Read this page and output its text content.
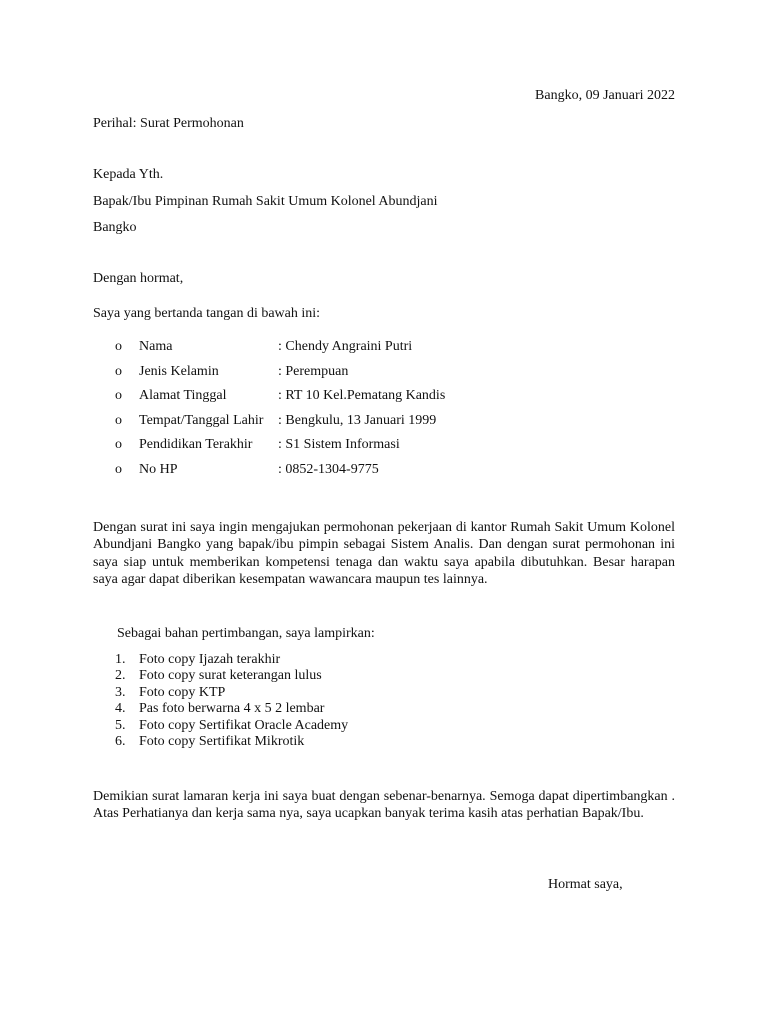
Bangko, 09 Januari 2022
Perihal: Surat Permohonan
Kepada Yth.
Bapak/Ibu Pimpinan Rumah Sakit Umum Kolonel Abundjani
Bangko
Dengan hormat,
Saya yang bertanda tangan di bawah ini:
o	Nama	: Chendy Angraini Putri
o	Jenis Kelamin	: Perempuan
o	Alamat Tinggal	: RT 10 Kel.Pematang Kandis
o	Tempat/Tanggal Lahir	: Bengkulu, 13 Januari 1999
o	Pendidikan Terakhir	: S1 Sistem Informasi
o	No HP	: 0852-1304-9775
Dengan surat ini saya ingin mengajukan permohonan pekerjaan di kantor Rumah Sakit Umum Kolonel Abundjani Bangko yang bapak/ibu pimpin sebagai Sistem Analis. Dan dengan surat permohonan ini saya siap untuk memberikan kompetensi tenaga dan waktu saya apabila dibutuhkan. Besar harapan saya agar dapat diberikan kesempatan wawancara maupun tes lainnya.
Sebagai bahan pertimbangan, saya lampirkan:
1. Foto copy Ijazah terakhir
2. Foto copy surat keterangan lulus
3. Foto copy KTP
4. Pas foto berwarna 4 x 5 2 lembar
5. Foto copy Sertifikat Oracle Academy
6. Foto copy Sertifikat Mikrotik
Demikian surat lamaran kerja ini saya buat dengan sebenar-benarnya. Semoga dapat dipertimbangkan . Atas Perhatianya dan kerja sama nya, saya ucapkan banyak terima kasih atas perhatian Bapak/Ibu.
Hormat saya,
